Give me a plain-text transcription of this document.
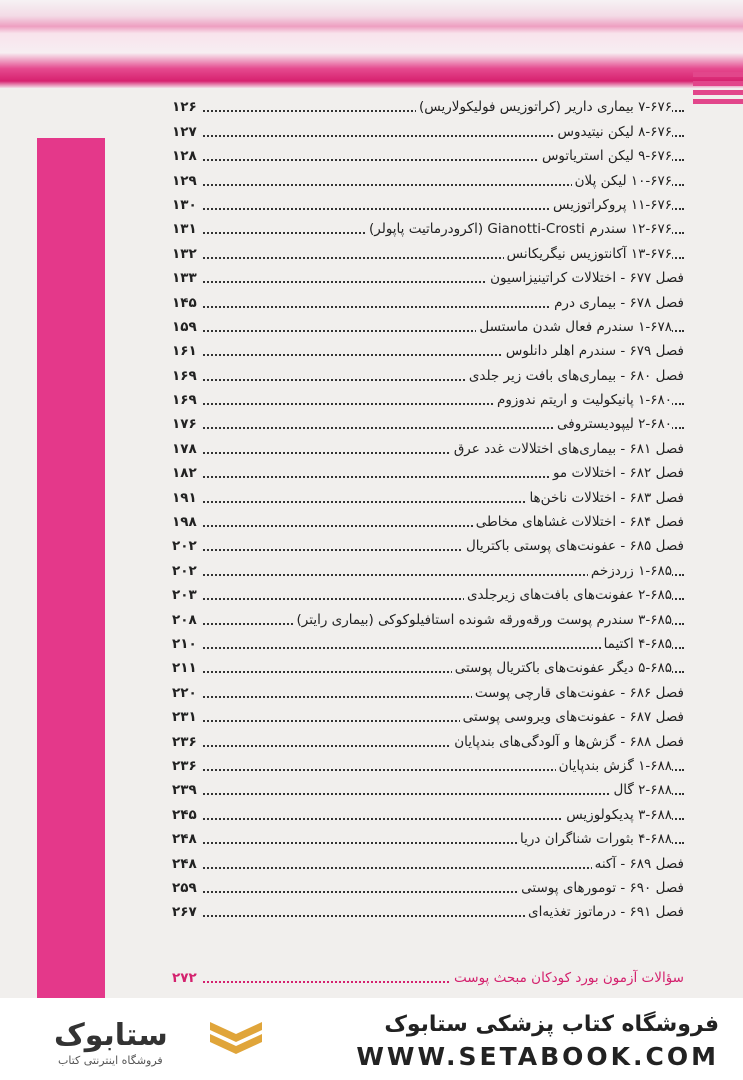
۷-۶۷۶ بیماری داریر (کراتوزیس فولیکولاریس)
۱۲۶
۸-۶۷۶ لیکن نیتیدوس
۱۲۷
۹-۶۷۶ لیکن استریاتوس
۱۲۸
۱۰-۶۷۶ لیکن پلان
۱۲۹
۱۱-۶۷۶ پروکراتوزیس
۱۳۰
۱۲-۶۷۶ سندرم Gianotti-Crosti (اکرودرماتیت پاپولر)
۱۳۱
۱۳-۶۷۶ آکانتوزیس نیگریکانس
۱۳۲
فصل ۶۷۷ - اختلالات کراتینیزاسیون
۱۳۳
فصل ۶۷۸ - بیماری درم
۱۴۵
۱-۶۷۸ سندرم فعال شدن ماستسل
۱۵۹
فصل ۶۷۹ - سندرم اهلر دانلوس
۱۶۱
فصل ۶۸۰ - بیماری‌های بافت زیر جلدی
۱۶۹
۱-۶۸۰ پانیکولیت و اریتم ندوزوم
۱۶۹
۲-۶۸۰ لیپودیستروفی
۱۷۶
فصل ۶۸۱ - بیماری‌های اختلالات غدد عرق
۱۷۸
فصل ۶۸۲ - اختلالات مو
۱۸۲
فصل ۶۸۳ - اختلالات ناخن‌ها
۱۹۱
فصل ۶۸۴ - اختلالات غشاهای مخاطی
۱۹۸
فصل ۶۸۵ - عفونت‌های پوستی باکتریال
۲۰۲
۱-۶۸۵ زردزخم
۲۰۲
۲-۶۸۵ عفونت‌های بافت‌های زیرجلدی
۲۰۳
۳-۶۸۵ سندرم پوست ورقه‌ورقه شونده استافیلوکوکی (بیماری رایتر)
۲۰۸
۴-۶۸۵ اکتیما
۲۱۰
۵-۶۸۵ دیگر عفونت‌های باکتریال پوستی
۲۱۱
فصل ۶۸۶ - عفونت‌های قارچی پوست
۲۲۰
فصل ۶۸۷ - عفونت‌های ویروسی پوستی
۲۳۱
فصل ۶۸۸ - گزش‌ها و آلودگی‌های بندپایان
۲۳۶
۱-۶۸۸ گزش بندپایان
۲۳۶
۲-۶۸۸ گال
۲۳۹
۳-۶۸۸ پدیکولوزیس
۲۴۵
۴-۶۸۸ بثورات شناگران دریا
۲۴۸
فصل ۶۸۹ - آکنه
۲۴۸
فصل ۶۹۰ - تومورهای پوستی
۲۵۹
فصل ۶۹۱ - درماتوز تغذیه‌ای
۲۶۷
سؤالات آزمون بورد کودکان مبحث پوست
۲۷۲
ستابوک
فروشگاه اینترنتی کتاب
فروشگاه کتاب پزشکی ستابوک
WWW.SETABOOK.COM
